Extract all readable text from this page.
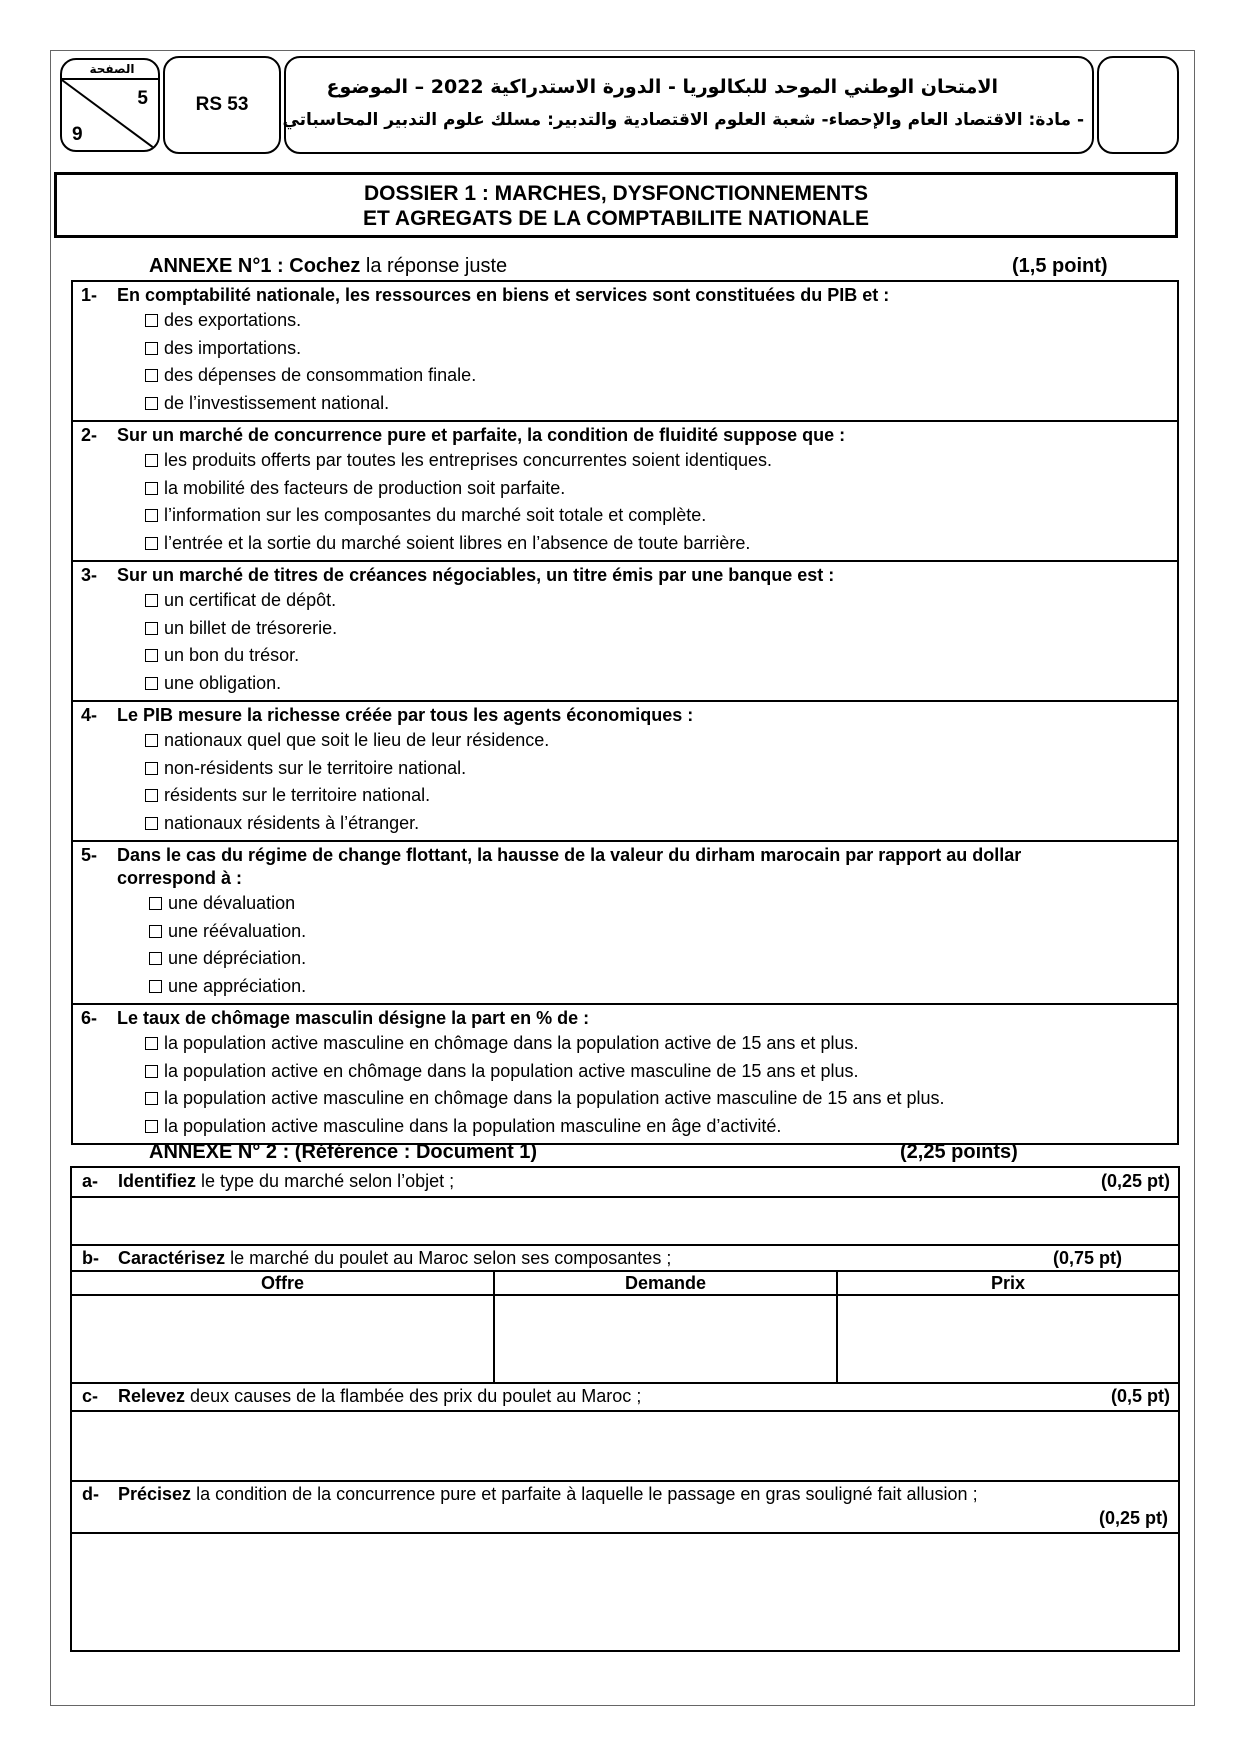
الصفحة
5
9
RS 53
الامتحان الوطني الموحد للبكالوريا - الدورة الاستدراكية 2022 – الموضوع
- مادة: الاقتصاد العام والإحصاء- شعبة العلوم الاقتصادية والتدبير: مسلك علوم التدبير المحاسباتي
DOSSIER 1 : MARCHES, DYSFONCTIONNEMENTS
ET AGREGATS DE LA COMPTABILITE NATIONALE
ANNEXE N°1 : Cochez la réponse juste	(1,5 point)
1- En comptabilité nationale, les ressources en biens et services sont constituées du PIB et :
des exportations.
des importations.
des dépenses de consommation finale.
de l’investissement national.

2- Sur un marché de concurrence pure et parfaite, la condition de fluidité suppose que :
les produits offerts par toutes les entreprises concurrentes soient identiques.
la mobilité des facteurs de production soit parfaite.
l’information sur les composantes du marché soit totale et complète.
l’entrée et la sortie du marché soient libres en l’absence de toute barrière.

3- Sur un marché de titres de créances négociables, un titre émis par une banque est :
un certificat de dépôt.
un billet de trésorerie.
un bon du trésor.
une obligation.

4- Le PIB mesure la richesse créée par tous les agents économiques :
nationaux quel que soit le lieu de leur résidence.
non-résidents sur le territoire national.
résidents sur le territoire national.
nationaux résidents à l’étranger.

5- Dans le cas du régime de change flottant, la hausse de la valeur du dirham marocain par rapport au dollar
correspond à :
une dévaluation
une réévaluation.
une dépréciation.
une appréciation.

6- Le taux de chômage masculin désigne la part en % de :
la population active masculine en chômage dans la population active de 15 ans et plus.
la population active en chômage dans la population active masculine de 15 ans et plus.
la population active masculine en chômage dans la population active masculine de 15 ans et plus.
la population active masculine dans la population masculine en âge d’activité.
ANNEXE N° 2 : (Référence : Document 1)	(2,25 points)
a- Identifiez le type du marché selon l’objet ;	(0,25 pt)
b- Caractérisez le marché du poulet au Maroc selon ses composantes ;	(0,75 pt)
Offre	Demande	Prix
c- Relevez deux causes de la flambée des prix du poulet au Maroc ;	(0,5 pt)
d- Précisez la condition de la concurrence pure et parfaite à laquelle le passage en gras souligné fait allusion ;
(0,25 pt)
